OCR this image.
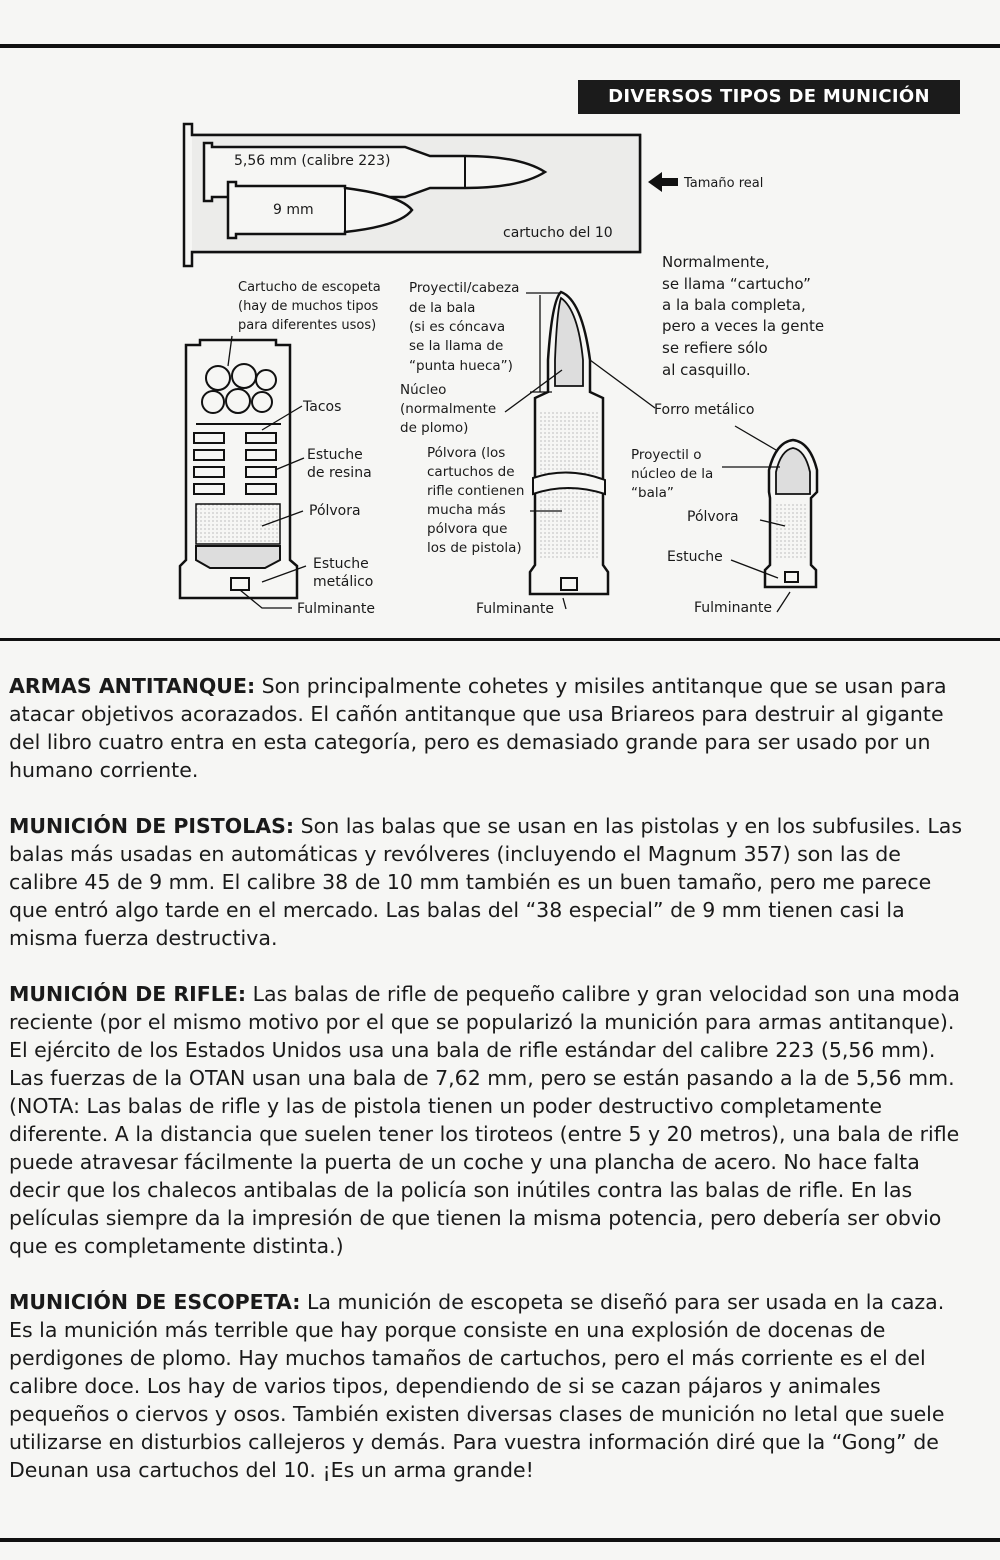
DIVERSOS TIPOS DE MUNICIÓN
5,56 mm (calibre 223)
9 mm
cartucho del 10
Tamaño real
Normalmente,
se llama “cartucho”
a la bala completa,
pero a veces la gente
se refiere sólo
al casquillo.
Cartucho de escopeta
(hay de muchos tipos
para diferentes usos)
Tacos
Estuche
de resina
Pólvora
Estuche
metálico
Fulminante
Proyectil/cabeza
de la bala
(si es cóncava
se la llama de
“punta hueca”)
Núcleo
(normalmente
de plomo)
Pólvora (los
cartuchos de
rifle contienen
mucha más
pólvora que
los de pistola)
Fulminante
Forro metálico
Proyectil o
núcleo de la
“bala”
Pólvora
Estuche
Fulminante

ARMAS ANTITANQUE: Son principalmente cohetes y misiles antitanque que se usan para atacar objetivos acorazados. El cañón antitanque que usa Briareos para destruir al gigante del libro cuatro entra en esta categoría, pero es demasiado grande para ser usado por un humano corriente.

MUNICIÓN DE PISTOLAS: Son las balas que se usan en las pistolas y en los subfusiles. Las balas más usadas en automáticas y revólveres (incluyendo el Magnum 357) son las de calibre 45 de 9 mm. El calibre 38 de 10 mm también es un buen tamaño, pero me parece que entró algo tarde en el mercado. Las balas del “38 especial” de 9 mm tienen casi la misma fuerza destructiva.

MUNICIÓN DE RIFLE: Las balas de rifle de pequeño calibre y gran velocidad son una moda reciente (por el mismo motivo por el que se popularizó la munición para armas antitanque). El ejército de los Estados Unidos usa una bala de rifle estándar del calibre 223 (5,56 mm). Las fuerzas de la OTAN usan una bala de 7,62 mm, pero se están pasando a la de 5,56 mm.

(NOTA: Las balas de rifle y las de pistola tienen un poder destructivo completamente diferente. A la distancia que suelen tener los tiroteos (entre 5 y 20 metros), una bala de rifle puede atravesar fácilmente la puerta de un coche y una plancha de acero. No hace falta decir que los chalecos antibalas de la policía son inútiles contra las balas de rifle. En las películas siempre da la impresión de que tienen la misma potencia, pero debería ser obvio que es completamente distinta.)

MUNICIÓN DE ESCOPETA: La munición de escopeta se diseñó para ser usada en la caza. Es la munición más terrible que hay porque consiste en una explosión de docenas de perdigones de plomo. Hay muchos tamaños de cartuchos, pero el más corriente es el del calibre doce. Los hay de varios tipos, dependiendo de si se cazan pájaros y animales pequeños o ciervos y osos. También existen diversas clases de munición no letal que suele utilizarse en disturbios callejeros y demás. Para vuestra información diré que la “Gong” de Deunan usa cartuchos del 10. ¡Es un arma grande!
